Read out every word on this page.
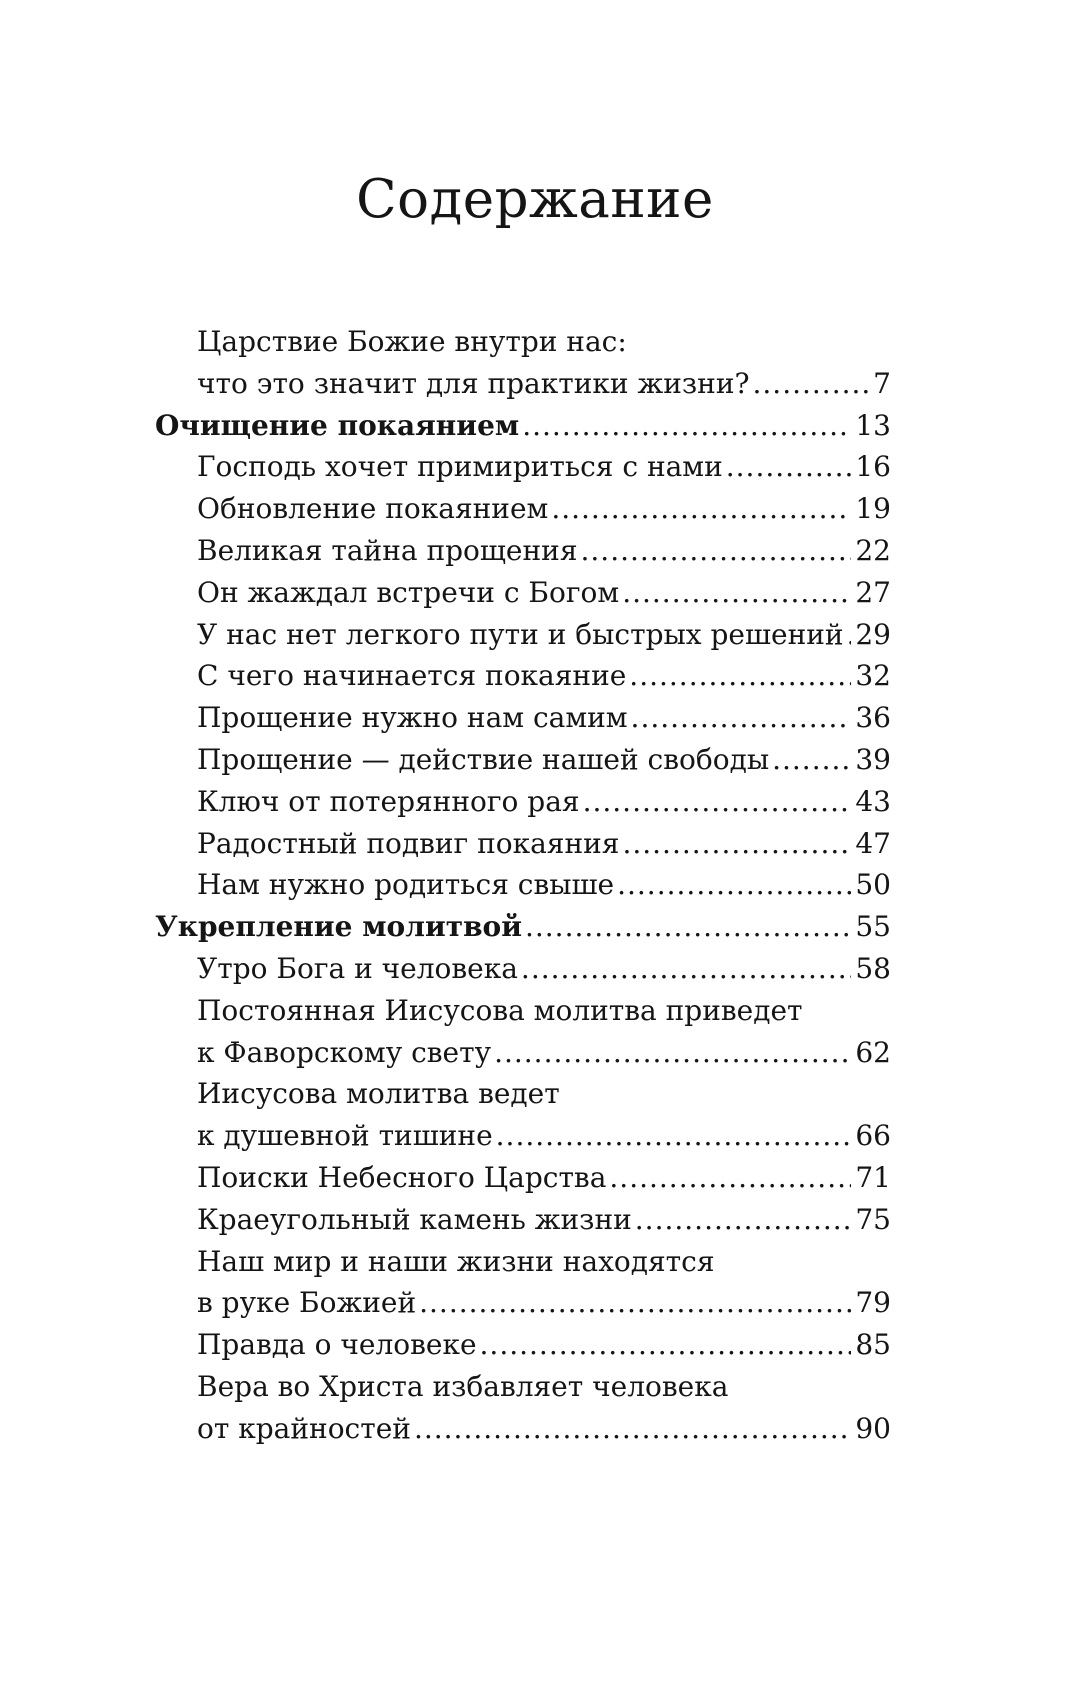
Содержание
Царствие Божие внутри нас:
что это значит для практики жизни? .....	7
Очищение покаянием .....	13
Господь хочет примириться с нами .....	16
Обновление покаянием .....	19
Великая тайна прощения .....	22
Он жаждал встречи с Богом .....	27
У нас нет легкого пути и быстрых решений ..... 29
С чего начинается покаяние .....	32
Прощение нужно нам самим .....	36
Прощение — действие нашей свободы .....	39
Ключ от потерянного рая .....	43
Радостный подвиг покаяния .....	47
Нам нужно родиться свыше .....	50
Укрепление молитвой .....	55
Утро Бога и человека .....	58
Постоянная Иисусова молитва приведет
к Фаворскому свету .....	62
Иисусова молитва ведет
к душевной тишине .....	66
Поиски Небесного Царства .....	71
Краеугольный камень жизни .....	75
Наш мир и наши жизни находятся
в руке Божией .....	79
Правда о человеке .....	85
Вера во Христа избавляет человека
от крайностей .....	90
